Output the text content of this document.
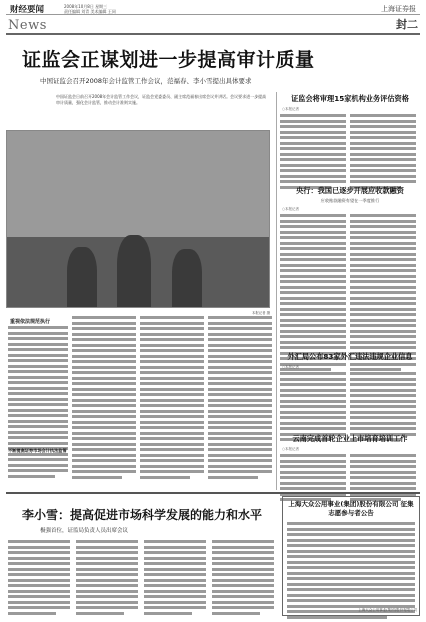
财经要闻	2008年10月8日 星期三
责任编辑 刘青 美术编辑 王同	上海证券报
News	封二
证监会正谋划进一步提高审计质量
中国证监会召开2008年会计监管工作会议，范福春、李小雪提出具体要求
中国证监会日前召开2008年会计监管工作会议，证监会党委委员、副主席范福春出席会议并讲话。会议要求进一步提高审计质量，强化会计监管，推动会计准则实施。
本报记者 摄
重视依法规范执行
不断提高证券市场会计执法监管
证监会将审理15家机构业务评估资格
○本报记者
央行：我国已逐步开展应收款融资
应收账款融资有望在一季度推行
○本报记者
外汇局公布83家外汇违法违规企业信息
○本报记者
云南完成首轮企业上市培育培训工作
○本报记者
李小雪：提高促进市场科学发展的能力和水平
极强首位，证监局负责人员出席会议
上海大众公用事业(集团)股份有限公司 征集志愿参与者公告
上海大众公用事业(集团)股份有限公司
